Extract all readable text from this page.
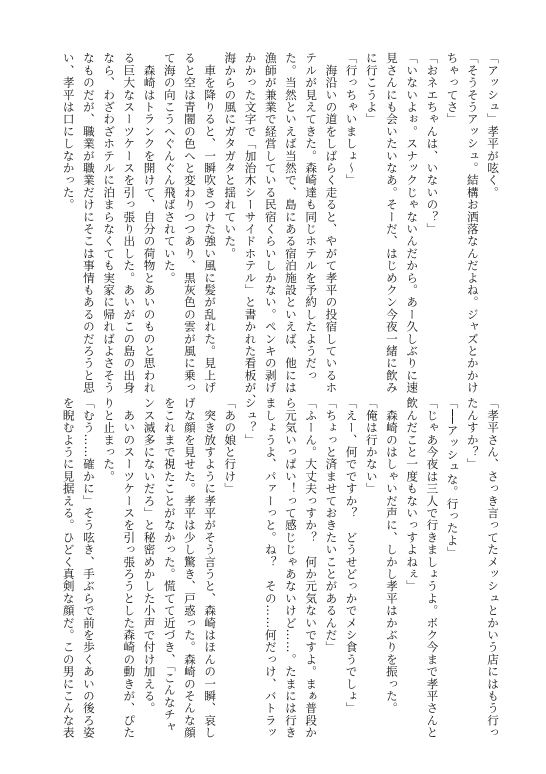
「アッシュ」孝平が呟く。

「そうそうアッシュ。結構お洒落なんだよね。ジャズとかかけ

ちゃってさ」

「おネエちゃんは、いないの？」

「いないよぉ。スナックじゃないんだから。あー久しぶりに速

見さんにも会いたいなあ。そーだ、はじめクン今夜一緒に飲み

に行こうよ」

「行っちゃいましょ〜」

　海沿いの道をしばらく走ると、やがて孝平の投宿しているホ

テルが見えてきた。森崎達も同じホテルを予約したようだっ

た。当然といえば当然で、島にある宿泊施設といえば、他には

漁師が兼業で経営している民宿くらいしかない。ペンキの剥げ

かかった文字で「加治木シーサイドホテル」と書かれた看板が、

海からの風にガタガタと揺れていた。

　車を降りると、一瞬吹きつけた強い風に髪が乱れた。見上げ

ると空は青闇の色へと変わりつつあり、黒灰色の雲が風に乗っ

て海の向こうへぐんぐん飛ばされていた。

　森崎はトランクを開けて、自分の荷物とあいのものと思われ

る巨大なスーツケースを引っ張り出した。あいがこの島の出身

なら、わざわざホテルに泊まらなくても実家に帰ればよさそう

なものだが、職業が職業だけにそこは事情もあるのだろうと思

い、孝平は口にしなかった。

「孝平さん、さっき言ってたメッシュとかいう店にはもう行っ

たんすか？」

「──アッシュな。行ったよ」

「じゃあ今夜は三人で行きましょうよ。ボク今まで孝平さんと

飲んだこと一度もないっすよねぇ」

　森崎のはしゃいだ声に、しかし孝平はかぶりを振った。

「俺は行かない」

「えー、何でですか？　どうせどっかでメシ食うでしょ」

「ちょっと済ませておきたいことがあるんだ」

「ふーん。大丈夫っすか？　何か元気ないですよ。まぁ普段か

ら元気いっぱい！って感じじゃあないけど……。たまには行き

ましょうよ、パァーっと。ね？　その……何だっけ、バトラッ

シュ？」

「あの娘と行け」

　突き放すように孝平がそう言うと、森崎はほんの一瞬、哀し

げな顔を見せた。孝平は少し驚き、戸惑った。森崎のそんな顔

をこれまで視たことがなかった。慌てて近づき、「こんなチャ

ンス滅多にないだろ」と秘密めかした小声で付け加える。

　あいのスーツケースを引っ張ろうとした森崎の動きが、ぴた

りと止まった。

「むう……確かに」そう呟き、手ぶらで前を歩くあいの後ろ姿

を睨むように見据える。ひどく真剣な顔だ。この男にこんな表
